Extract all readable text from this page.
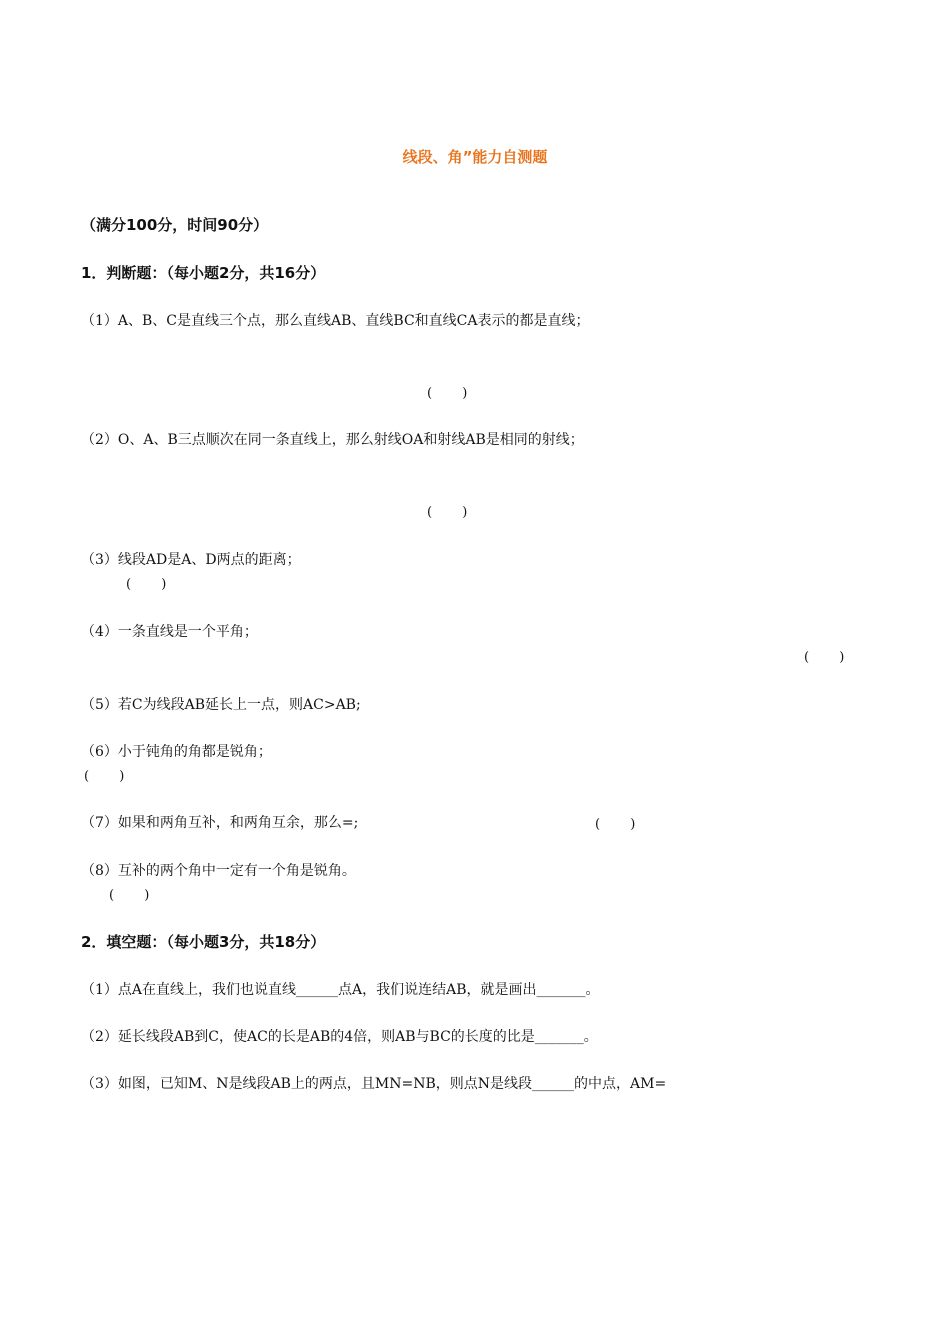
线段、角”能力自测题
（满分100分，时间90分）
1．判断题：（每小题2分，共16分）
（1）A、B、C是直线三个点，那么直线AB、直线BC和直线CA表示的都是直线；
(　　 )
（2）O、A、B三点顺次在同一条直线上，那么射线OA和射线AB是相同的射线；
(　　 )
（3）线段AD是A、D两点的距离；
(　　 )
（4）一条直线是一个平角；
(　　 )
（5）若C为线段AB延长上一点，则AC>AB;
（6）小于钝角的角都是锐角；
(　　 )
（7）如果和两角互补，和两角互余，那么=;	(　　 )
（8）互补的两个角中一定有一个角是锐角。
(　　 )
2．填空题：（每小题3分，共18分）
（1）点A在直线上，我们也说直线______点A，我们说连结AB，就是画出_______。
（2）延长线段AB到C，使AC的长是AB的4倍，则AB与BC的长度的比是_______。
（3）如图，已知M、N是线段AB上的两点，且MN=NB，则点N是线段______的中点，AM=
